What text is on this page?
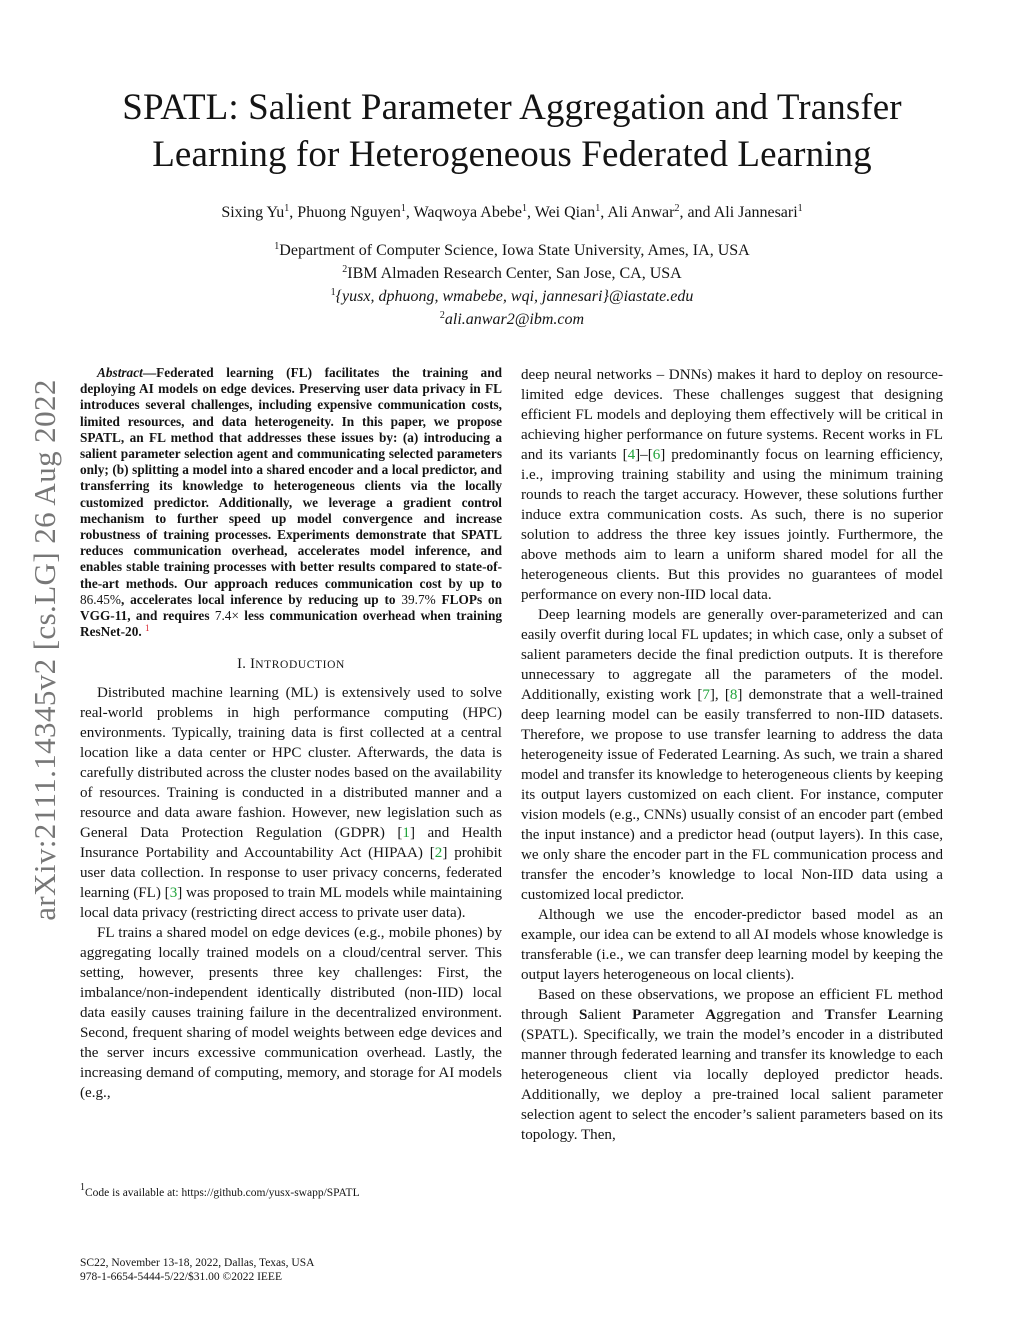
SPATL: Salient Parameter Aggregation and Transfer
Learning for Heterogeneous Federated Learning
Sixing Yu$^1$, Phuong Nguyen$^1$, Waqwoya Abebe$^1$, Wei Qian$^1$, Ali Anwar$^2$, and Ali Jannesari$^1$
$^1$Department of Computer Science, Iowa State University, Ames, IA, USA
$^2$IBM Almaden Research Center, San Jose, CA, USA
$^1${yusx, dphuong, wmabebe, wqi, jannesari}@iastate.edu
$^2$ali.anwar2@ibm.com
arXiv:2111.14345v2 [cs.LG] 26 Aug 2022

Abstract—Federated learning (FL) facilitates the training and deploying AI models on edge devices. Preserving user data privacy in FL introduces several challenges, including expensive communication costs, limited resources, and data heterogeneity. In this paper, we propose SPATL, an FL method that addresses these issues by: (a) introducing a salient parameter selection agent and communicating selected parameters only; (b) splitting a model into a shared encoder and a local predictor, and transferring its knowledge to heterogeneous clients via the locally customized predictor. Additionally, we leverage a gradient control mechanism to further speed up model convergence and increase robustness of training processes. Experiments demonstrate that SPATL reduces communication overhead, accelerates model inference, and enables stable training processes with better results compared to state-of-the-art methods. Our approach reduces communication cost by up to 86.45%, accelerates local inference by reducing up to 39.7% FLOPs on VGG-11, and requires 7.4× less communication overhead when training ResNet-20. $^1$

I. INTRODUCTION

Distributed machine learning (ML) is extensively used to solve real-world problems in high performance computing (HPC) environments. Typically, training data is first collected at a central location like a data center or HPC cluster. Afterwards, the data is carefully distributed across the cluster nodes based on the availability of resources. Training is conducted in a distributed manner and a resource and data aware fashion. However, new legislation such as General Data Protection Regulation (GDPR) [1] and Health Insurance Portability and Accountability Act (HIPAA) [2] prohibit user data collection. In response to user privacy concerns, federated learning (FL) [3] was proposed to train ML models while maintaining local data privacy (restricting direct access to private user data).

FL trains a shared model on edge devices (e.g., mobile phones) by aggregating locally trained models on a cloud/central server. This setting, however, presents three key challenges: First, the imbalance/non-independent identically distributed (non-IID) local data easily causes training failure in the decentralized environment. Second, frequent sharing of model weights between edge devices and the server incurs excessive communication overhead. Lastly, the increasing demand of computing, memory, and storage for AI models (e.g.,

deep neural networks – DNNs) makes it hard to deploy on resource-limited edge devices. These challenges suggest that designing efficient FL models and deploying them effectively will be critical in achieving higher performance on future systems. Recent works in FL and its variants [4]–[6] predominantly focus on learning efficiency, i.e., improving training stability and using the minimum training rounds to reach the target accuracy. However, these solutions further induce extra communication costs. As such, there is no superior solution to address the three key issues jointly. Furthermore, the above methods aim to learn a uniform shared model for all the heterogeneous clients. But this provides no guarantees of model performance on every non-IID local data.

Deep learning models are generally over-parameterized and can easily overfit during local FL updates; in which case, only a subset of salient parameters decide the final prediction outputs. It is therefore unnecessary to aggregate all the parameters of the model. Additionally, existing work [7], [8] demonstrate that a well-trained deep learning model can be easily transferred to non-IID datasets. Therefore, we propose to use transfer learning to address the data heterogeneity issue of Federated Learning. As such, we train a shared model and transfer its knowledge to heterogeneous clients by keeping its output layers customized on each client. For instance, computer vision models (e.g., CNNs) usually consist of an encoder part (embed the input instance) and a predictor head (output layers). In this case, we only share the encoder part in the FL communication process and transfer the encoder’s knowledge to local Non-IID data using a customized local predictor.

Although we use the encoder-predictor based model as an example, our idea can be extend to all AI models whose knowledge is transferable (i.e., we can transfer deep learning model by keeping the output layers heterogeneous on local clients).

Based on these observations, we propose an efficient FL method through Salient Parameter Aggregation and Transfer Learning (SPATL). Specifically, we train the model’s encoder in a distributed manner through federated learning and transfer its knowledge to each heterogeneous client via locally deployed predictor heads. Additionally, we deploy a pre-trained local salient parameter selection agent to select the encoder’s salient parameters based on its topology. Then,

$^1$Code is available at: https://github.com/yusx-swapp/SPATL
SC22, November 13-18, 2022, Dallas, Texas, USA
978-1-6654-5444-5/22/$31.00 ©2022 IEEE
